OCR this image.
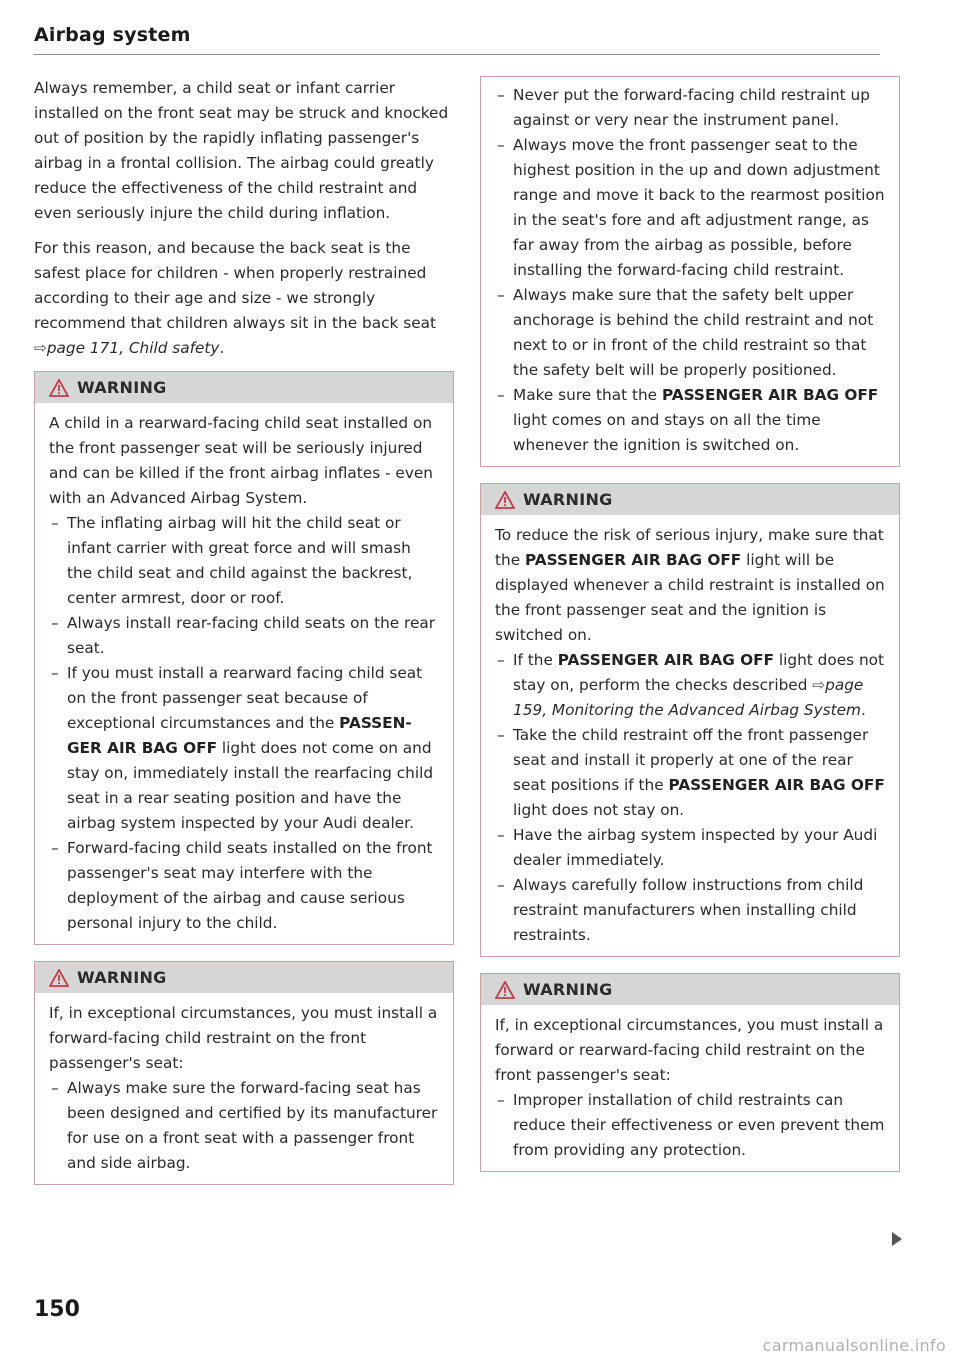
Airbag system

Always remember, a child seat or infant carrier installed on the front seat may be struck and knocked out of position by the rapidly inflating passenger's airbag in a frontal collision. The airbag could greatly reduce the effectiveness of the child restraint and even seriously injure the child during inflation.

For this reason, and because the back seat is the safest place for children - when properly restrained according to their age and size - we strongly recommend that children always sit in the back seat ⇨page 171, Child safety.

WARNING

A child in a rearward-facing child seat installed on the front passenger seat will be seriously injured and can be killed if the front airbag inflates - even with an Advanced Airbag System.

– The inflating airbag will hit the child seat or infant carrier with great force and will smash the child seat and child against the backrest, center armrest, door or roof.
– Always install rear-facing child seats on the rear seat.
– If you must install a rearward facing child seat on the front passenger seat because of exceptional circumstances and the PASSENGER AIR BAG OFF light does not come on and stay on, immediately install the rearfacing child seat in a rear seating position and have the airbag system inspected by your Audi dealer.
– Forward-facing child seats installed on the front passenger's seat may interfere with the deployment of the airbag and cause serious personal injury to the child.
WARNING

If, in exceptional circumstances, you must install a forward-facing child restraint on the front passenger's seat:

– Always make sure the forward-facing seat has been designed and certified by its manufacturer for use on a front seat with a passenger front and side airbag.
– Never put the forward-facing child restraint up against or very near the instrument panel.
– Always move the front passenger seat to the highest position in the up and down adjustment range and move it back to the rearmost position in the seat's fore and aft adjustment range, as far away from the airbag as possible, before installing the forward-facing child restraint.
– Always make sure that the safety belt upper anchorage is behind the child restraint and not next to or in front of the child restraint so that the safety belt will be properly positioned.
– Make sure that the PASSENGER AIR BAG OFF light comes on and stays on all the time whenever the ignition is switched on.
WARNING

To reduce the risk of serious injury, make sure that the PASSENGER AIR BAG OFF light will be displayed whenever a child restraint is installed on the front passenger seat and the ignition is switched on.

– If the PASSENGER AIR BAG OFF light does not stay on, perform the checks described ⇨page 159, Monitoring the Advanced Airbag System.
– Take the child restraint off the front passenger seat and install it properly at one of the rear seat positions if the PASSENGER AIR BAG OFF light does not stay on.
– Have the airbag system inspected by your Audi dealer immediately.
– Always carefully follow instructions from child restraint manufacturers when installing child restraints.
WARNING

If, in exceptional circumstances, you must install a forward or rearward-facing child restraint on the front passenger's seat:

– Improper installation of child restraints can reduce their effectiveness or even prevent them from providing any protection.
150
carmanualsonline.info
